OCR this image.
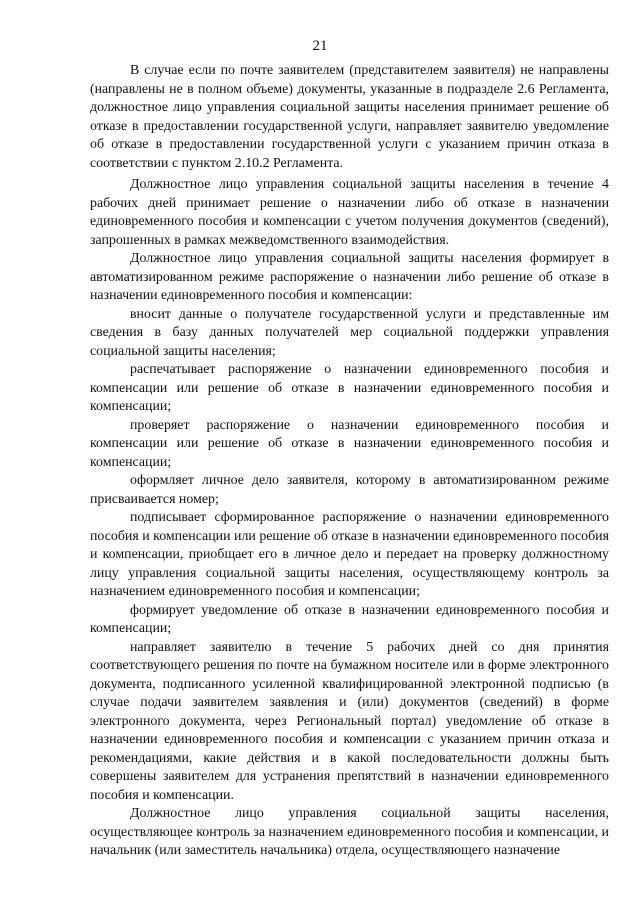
21

В случае если по почте заявителем (представителем заявителя) не направлены (направлены не в полном объеме) документы, указанные в подразделе 2.6 Регламента, должностное лицо управления социальной защиты населения принимает решение об отказе в предоставлении государственной услуги, направляет заявителю уведомление об отказе в предоставлении государственной услуги с указанием причин отказа в соответствии с пунктом 2.10.2 Регламента.

Должностное лицо управления социальной защиты населения в течение 4 рабочих дней принимает решение о назначении либо об отказе в назначении единовременного пособия и компенсации с учетом получения документов (сведений), запрошенных в рамках межведомственного взаимодействия.

Должностное лицо управления социальной защиты населения формирует в автоматизированном режиме распоряжение о назначении либо решение об отказе в назначении единовременного пособия и компенсации:

вносит данные о получателе государственной услуги и представленные им сведения в базу данных получателей мер социальной поддержки управления социальной защиты населения;

распечатывает распоряжение о назначении единовременного пособия и компенсации или решение об отказе в назначении единовременного пособия и компенсации;

проверяет распоряжение о назначении единовременного пособия и компенсации или решение об отказе в назначении единовременного пособия и компенсации;

оформляет личное дело заявителя, которому в автоматизированном режиме присваивается номер;

подписывает сформированное распоряжение о назначении единовременного пособия и компенсации или решение об отказе в назначении единовременного пособия и компенсации, приобщает его в личное дело и передает на проверку должностному лицу управления социальной защиты населения, осуществляющему контроль за назначением единовременного пособия и компенсации;

формирует уведомление об отказе в назначении единовременного пособия и компенсации;

направляет заявителю в течение 5 рабочих дней со дня принятия соответствующего решения по почте на бумажном носителе или в форме электронного документа, подписанного усиленной квалифицированной электронной подписью (в случае подачи заявителем заявления и (или) документов (сведений) в форме электронного документа, через Региональный портал) уведомление об отказе в назначении единовременного пособия и компенсации с указанием причин отказа и рекомендациями, какие действия и в какой последовательности должны быть совершены заявителем для устранения препятствий в назначении единовременного пособия и компенсации.

Должностное лицо управления социальной защиты населения, осуществляющее контроль за назначением единовременного пособия и компенсации, и начальник (или заместитель начальника) отдела, осуществляющего назначение
